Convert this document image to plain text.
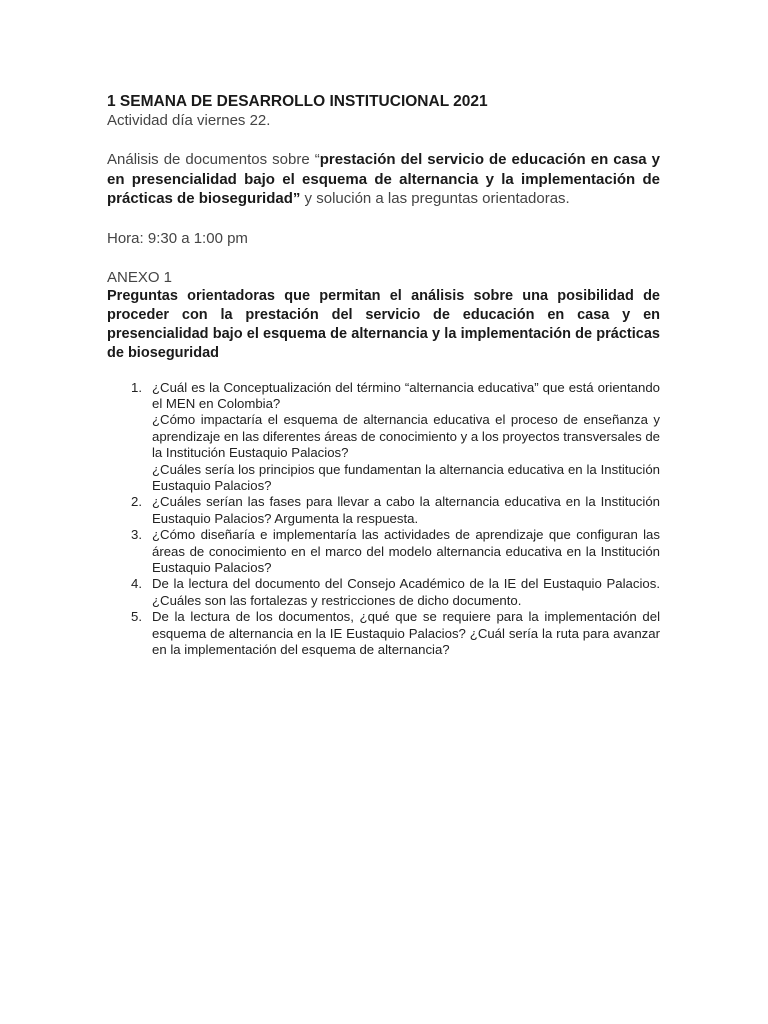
1 SEMANA DE DESARROLLO INSTITUCIONAL 2021

Actividad día viernes 22.

Análisis de documentos sobre “prestación del servicio de educación en casa y en presencialidad bajo el esquema de alternancia y la implementación de prácticas de bioseguridad” y solución a las preguntas orientadoras.

Hora: 9:30 a 1:00 pm

ANEXO 1

Preguntas orientadoras que permitan el análisis sobre una posibilidad de proceder con la prestación del servicio de educación en casa y en presencialidad bajo el esquema de alternancia y la implementación de prácticas de bioseguridad

1. ¿Cuál es la Conceptualización del término “alternancia educativa” que está orientando el MEN en Colombia?
¿Cómo impactaría el esquema de alternancia educativa el proceso de enseñanza y aprendizaje en las diferentes áreas de conocimiento y a los proyectos transversales de la Institución Eustaquio Palacios?
¿Cuáles sería los principios que fundamentan la alternancia educativa en la Institución Eustaquio Palacios?
2. ¿Cuáles serían las fases para llevar a cabo la alternancia educativa en la Institución Eustaquio Palacios? Argumenta la respuesta.
3. ¿Cómo diseñaría e implementaría las actividades de aprendizaje que configuran las áreas de conocimiento en el marco del modelo alternancia educativa en la Institución Eustaquio Palacios?
4. De la lectura del documento del Consejo Académico de la IE del Eustaquio Palacios. ¿Cuáles son las fortalezas y restricciones de dicho documento.
5. De la lectura de los documentos, ¿qué que se requiere para la implementación del esquema de alternancia en la IE Eustaquio Palacios? ¿Cuál sería la ruta para avanzar en la implementación del esquema de alternancia?
